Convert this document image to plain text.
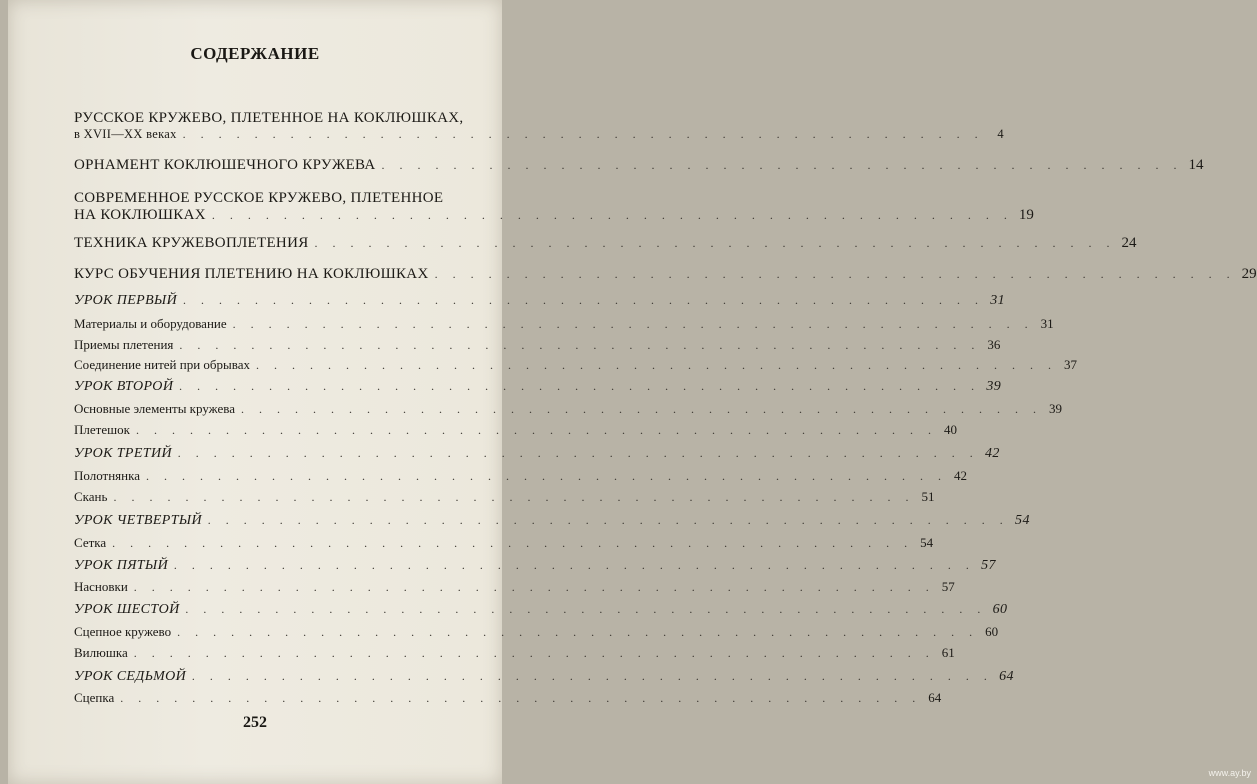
СОДЕРЖАНИЕ
РУССКОЕ КРУЖЕВО, ПЛЕТЕННОЕ НА КОКЛЮШКАХ,
в XVII—XX веках . . . . . . . . . . . . . . . . . . . . . . . . . . . . . . . . . . . . . . . . . . . . .	4
ОРНАМЕНТ КОКЛЮШЕЧНОГО КРУЖЕВА . . . . . . . . . . . . . . . . . . . . . . . . . . . . . . . . . . . . . . . . . . . . . 14
СОВРЕМЕННОЕ РУССКОЕ КРУЖЕВО, ПЛЕТЕННОЕ
НА КОКЛЮШКАХ . . . . . . . . . . . . . . . . . . . . . . . . . . . . . . . . . . . . . . . . . . . . . 19
ТЕХНИКА КРУЖЕВОПЛЕТЕНИЯ . . . . . . . . . . . . . . . . . . . . . . . . . . . . . . . . . . . . . . . . . . . . . 24
КУРС ОБУЧЕНИЯ ПЛЕТЕНИЮ НА КОКЛЮШКАХ . . . . . . . . . . . . . . . . . . . . . . . . . . . . . . . . . . . . . . . . . . . . . 29
УРОК ПЕРВЫЙ . . . . . . . . . . . . . . . . . . . . . . . . . . . . . . . . . . . . . . . . . . . . . 31
Материалы и оборудование . . . . . . . . . . . . . . . . . . . . . . . . . . . . . . . . . . . . . . . . . . . . . 31
Приемы плетения . . . . . . . . . . . . . . . . . . . . . . . . . . . . . . . . . . . . . . . . . . . . . 36
Соединение нитей при обрывах . . . . . . . . . . . . . . . . . . . . . . . . . . . . . . . . . . . . . . . . . . . . . 37
УРОК ВТОРОЙ . . . . . . . . . . . . . . . . . . . . . . . . . . . . . . . . . . . . . . . . . . . . . 39
Основные элементы кружева . . . . . . . . . . . . . . . . . . . . . . . . . . . . . . . . . . . . . . . . . . . . . 39
Плетешок . . . . . . . . . . . . . . . . . . . . . . . . . . . . . . . . . . . . . . . . . . . . . 40
УРОК ТРЕТИЙ . . . . . . . . . . . . . . . . . . . . . . . . . . . . . . . . . . . . . . . . . . . . . 42
Полотнянка . . . . . . . . . . . . . . . . . . . . . . . . . . . . . . . . . . . . . . . . . . . . . 42
Скань . . . . . . . . . . . . . . . . . . . . . . . . . . . . . . . . . . . . . . . . . . . . . 51
УРОК ЧЕТВЕРТЫЙ . . . . . . . . . . . . . . . . . . . . . . . . . . . . . . . . . . . . . . . . . . . . . 54
Сетка . . . . . . . . . . . . . . . . . . . . . . . . . . . . . . . . . . . . . . . . . . . . . 54
УРОК ПЯТЫЙ . . . . . . . . . . . . . . . . . . . . . . . . . . . . . . . . . . . . . . . . . . . . . 57
Насновки . . . . . . . . . . . . . . . . . . . . . . . . . . . . . . . . . . . . . . . . . . . . . 57
УРОК ШЕСТОЙ . . . . . . . . . . . . . . . . . . . . . . . . . . . . . . . . . . . . . . . . . . . . . 60
Сцепное кружево . . . . . . . . . . . . . . . . . . . . . . . . . . . . . . . . . . . . . . . . . . . . . 60
Вилюшка . . . . . . . . . . . . . . . . . . . . . . . . . . . . . . . . . . . . . . . . . . . . . 61
УРОК СЕДЬМОЙ . . . . . . . . . . . . . . . . . . . . . . . . . . . . . . . . . . . . . . . . . . . . . 64
Сцепка . . . . . . . . . . . . . . . . . . . . . . . . . . . . . . . . . . . . . . . . . . . . . 64
252
www.ay.by
